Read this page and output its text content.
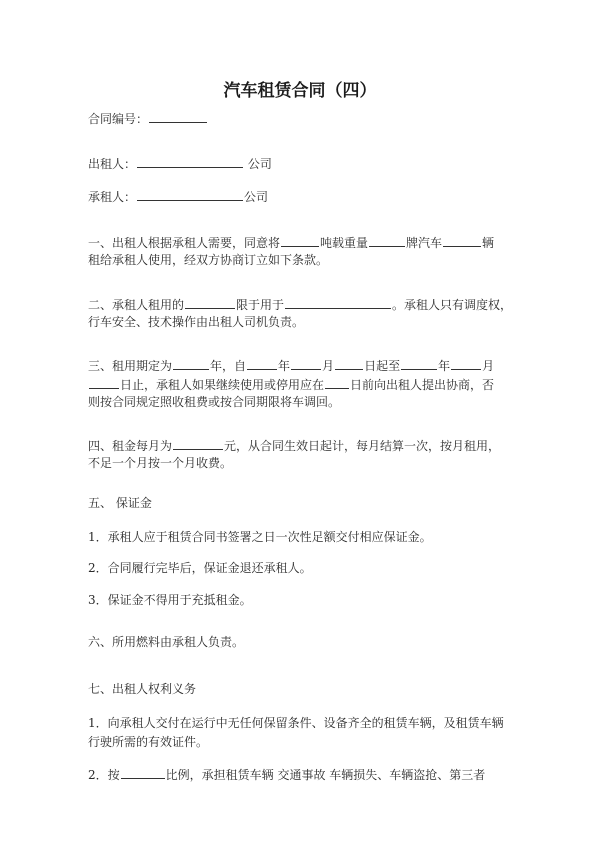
汽车租赁合同（四）
合同编号：
出租人：	公司
承租人：	公司
一、出租人根据承租人需要，同意将	吨载重量	牌汽车	辆
租给承租人使用，经双方协商订立如下条款。
二、承租人租用的	限于用于	。承租人只有调度权，
行车安全、技术操作由出租人司机负责。
三、租用期定为	年，自	年	月	日起至	年	月
日止，承租人如果继续使用或停用应在 日前向出租人提出协商，否
则按合同规定照收租费或按合同期限将车调回。
四、租金每月为	元，从合同生效日起计，每月结算一次，按月租用，
不足一个月按一个月收费。
五、 保证金
1．承租人应于租赁合同书签署之日一次性足额交付相应保证金。
2．合同履行完毕后，保证金退还承租人。
3．保证金不得用于充抵租金。
六、所用燃料由承租人负责。
七、出租人权利义务
1．向承租人交付在运行中无任何保留条件、设备齐全的租赁车辆，及租赁车辆
行驶所需的有效证件。
2．按	比例，承担租赁车辆 交通事故 车辆损失、车辆盗抢、第三者
